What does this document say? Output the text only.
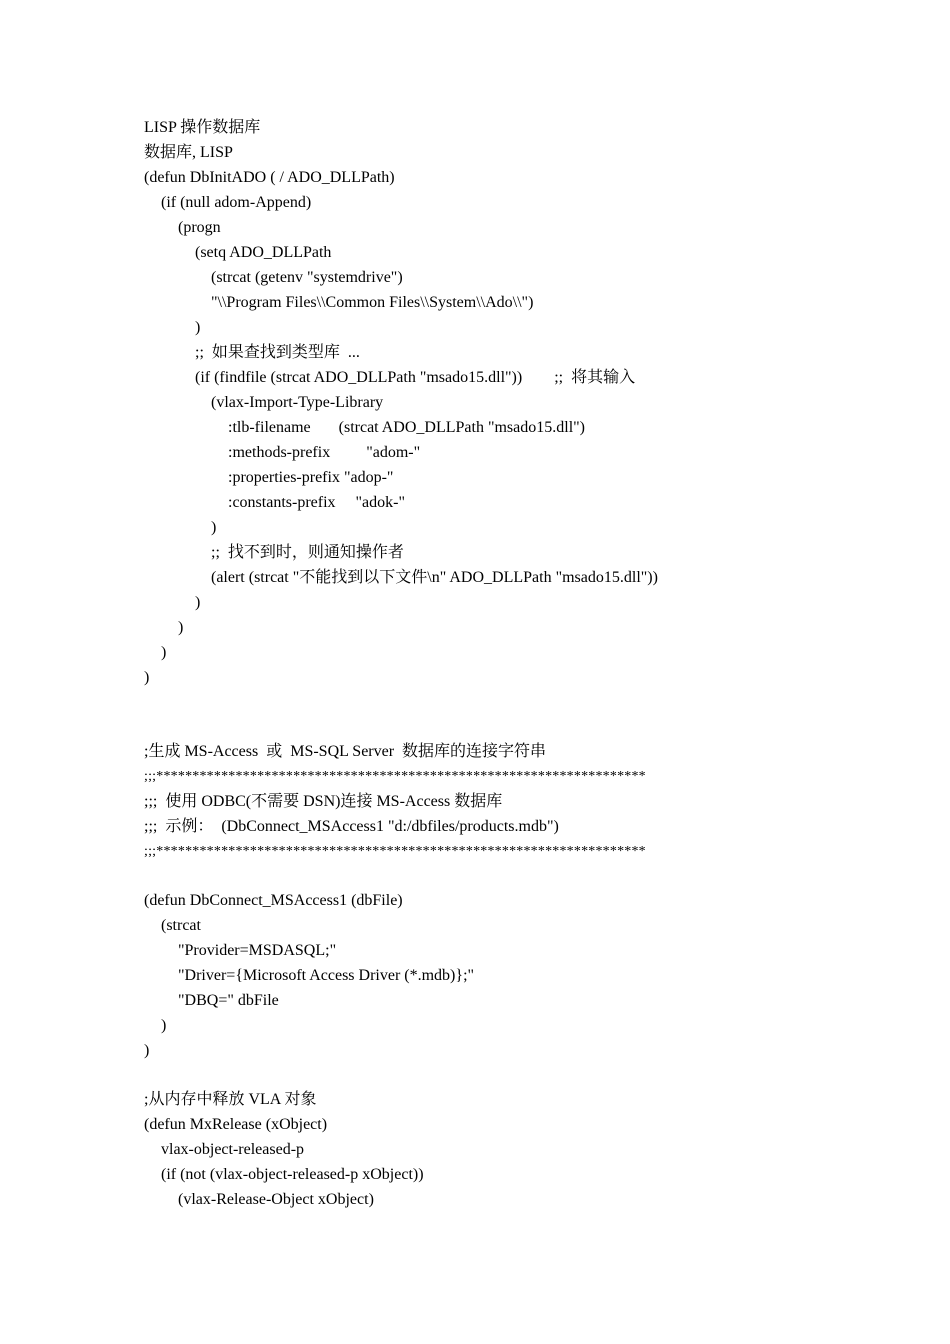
LISP 操作数据库
数据库, LISP
(defun DbInitADO ( / ADO_DLLPath)
(if (null adom-Append)
(progn
(setq ADO_DLLPath
(strcat (getenv "systemdrive")
"\\Program Files\\Common Files\\System\\Ado\\")
)
;;  如果查找到类型库  ...
(if (findfile (strcat ADO_DLLPath "msado15.dll"))        ;;  将其输入
(vlax-Import-Type-Library
:tlb-filename       (strcat ADO_DLLPath "msado15.dll")
:methods-prefix         "adom-"
:properties-prefix "adop-"
:constants-prefix     "adok-"
)
;;  找不到时，则通知操作者
(alert (strcat "不能找到以下文件\n" ADO_DLLPath "msado15.dll"))
)
)
)
)
;生成 MS-Access  或  MS-SQL Server  数据库的连接字符串
;;;********************************************************************
;;;  使用 ODBC(不需要 DSN)连接 MS-Access 数据库
;;;  示例：  (DbConnect_MSAccess1 "d:/dbfiles/products.mdb")
;;;********************************************************************
(defun DbConnect_MSAccess1 (dbFile)
(strcat
"Provider=MSDASQL;"
"Driver={Microsoft Access Driver (*.mdb)};"
"DBQ=" dbFile
)
)
;从内存中释放 VLA 对象
(defun MxRelease (xObject)
vlax-object-released-p
(if (not (vlax-object-released-p xObject))
(vlax-Release-Object xObject)
